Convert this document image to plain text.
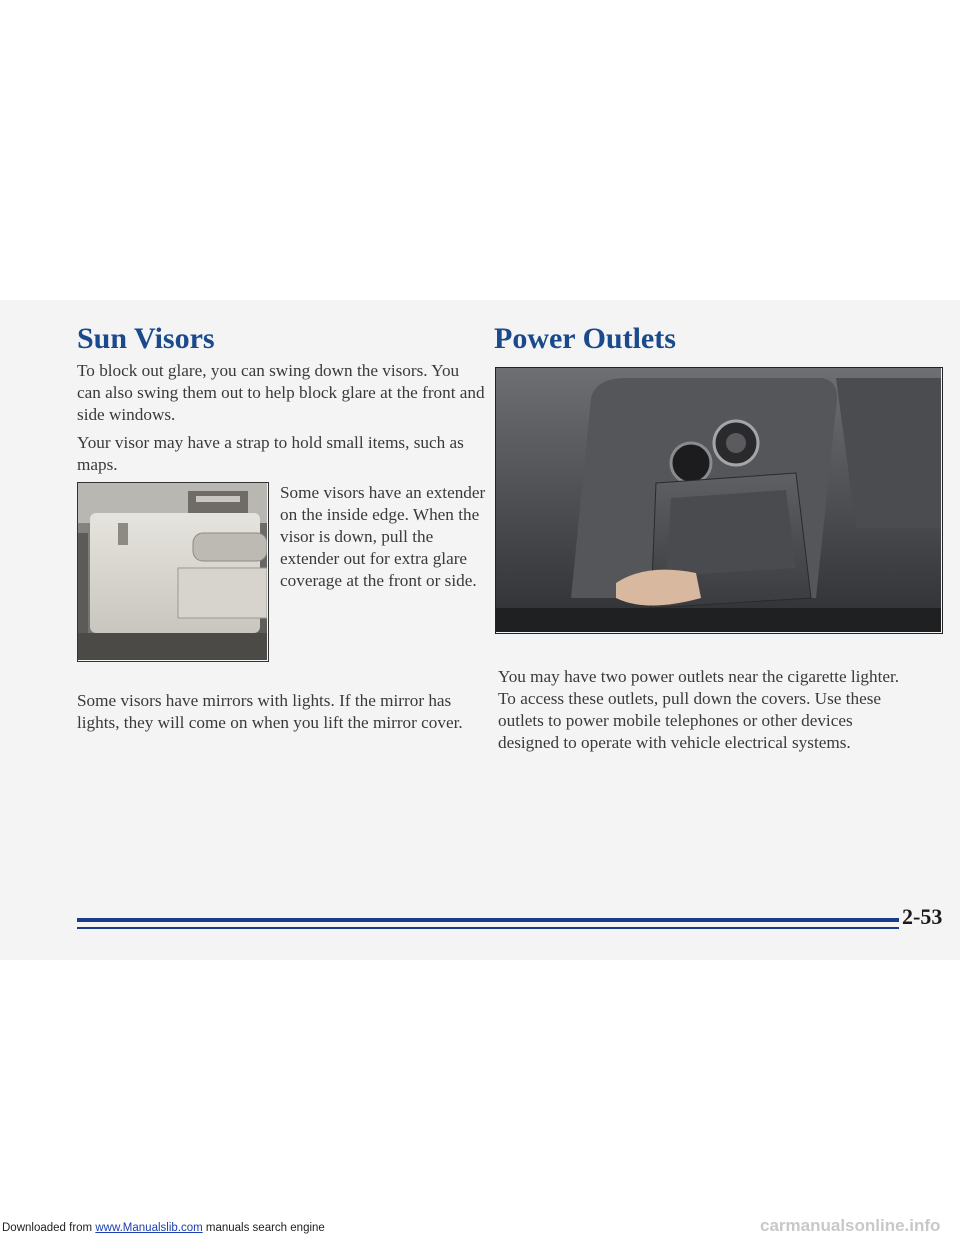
Sun Visors

To block out glare, you can swing down the visors. You can also swing them out to help block glare at the front and side windows.

Your visor may have a strap to hold small items, such as maps.

Some visors have an extender on the inside edge. When the visor is down, pull the extender out for extra glare coverage at the front or side.

Some visors have mirrors with lights. If the mirror has lights, they will come on when you lift the mirror cover.

Power Outlets

You may have two power outlets near the cigarette lighter. To access these outlets, pull down the covers. Use these outlets to power mobile telephones or other devices designed to operate with vehicle electrical systems.

2-53
Downloaded from www.Manualslib.com manuals search engine	carmanualsonline.info
